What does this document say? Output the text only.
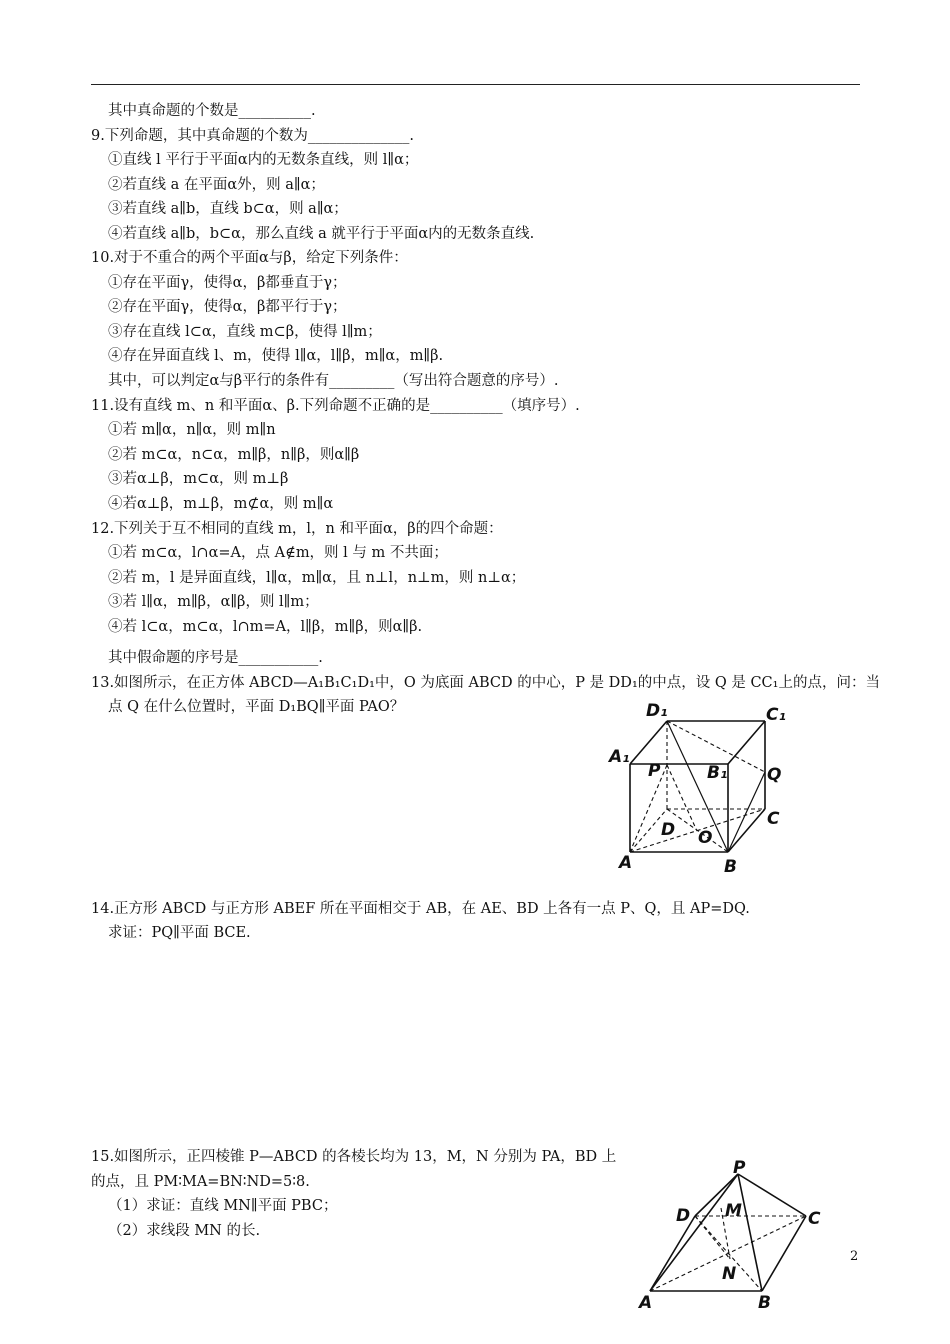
其中真命题的个数是__________.
9.下列命题，其中真命题的个数为______________.
①直线 l 平行于平面α内的无数条直线，则 l∥α；
②若直线 a 在平面α外，则 a∥α；
③若直线 a∥b，直线 b⊂α，则 a∥α；
④若直线 a∥b，b⊂α，那么直线 a 就平行于平面α内的无数条直线.
10.对于不重合的两个平面α与β，给定下列条件：
①存在平面γ，使得α，β都垂直于γ；
②存在平面γ，使得α，β都平行于γ；
③存在直线 l⊂α，直线 m⊂β，使得 l∥m；
④存在异面直线 l、m，使得 l∥α，l∥β，m∥α，m∥β.
其中，可以判定α与β平行的条件有_________（写出符合题意的序号）.
11.设有直线 m、n 和平面α、β.下列命题不正确的是__________（填序号）.
①若 m∥α，n∥α，则 m∥n
②若 m⊂α，n⊂α，m∥β，n∥β，则α∥β
③若α⊥β，m⊂α，则 m⊥β
④若α⊥β，m⊥β，m⊄α，则 m∥α
12.下列关于互不相同的直线 m，l，n 和平面α，β的四个命题：
①若 m⊂α，l∩α=A，点 A∉m，则 l 与 m 不共面；
②若 m，l 是异面直线，l∥α，m∥α，且 n⊥l，n⊥m，则 n⊥α；
③若 l∥α，m∥β，α∥β，则 l∥m；
④若 l⊂α，m⊂α，l∩m=A，l∥β，m∥β，则α∥β.
其中假命题的序号是___________.
13.如图所示，在正方体 ABCD—A₁B₁C₁D₁中，O 为底面 ABCD 的中心，P 是 DD₁的中点，设 Q 是 CC₁上的点，问：当
点 Q 在什么位置时，平面 D₁BQ∥平面 PAO？
14.正方形 ABCD 与正方形 ABEF 所在平面相交于 AB，在 AE、BD 上各有一点 P、Q，且 AP=DQ.
求证：PQ∥平面 BCE.
15.如图所示，正四棱锥 P—ABCD 的各棱长均为 13，M，N 分别为 PA，BD 上
的点，且 PM∶MA=BN∶ND=5∶8.
（1）求证：直线 MN∥平面 PBC；
（2）求线段 MN 的长.
D₁	C₁
A₁
P	B₁ Q
D O
C
A	B
P
D M	C
N
A	B
2
